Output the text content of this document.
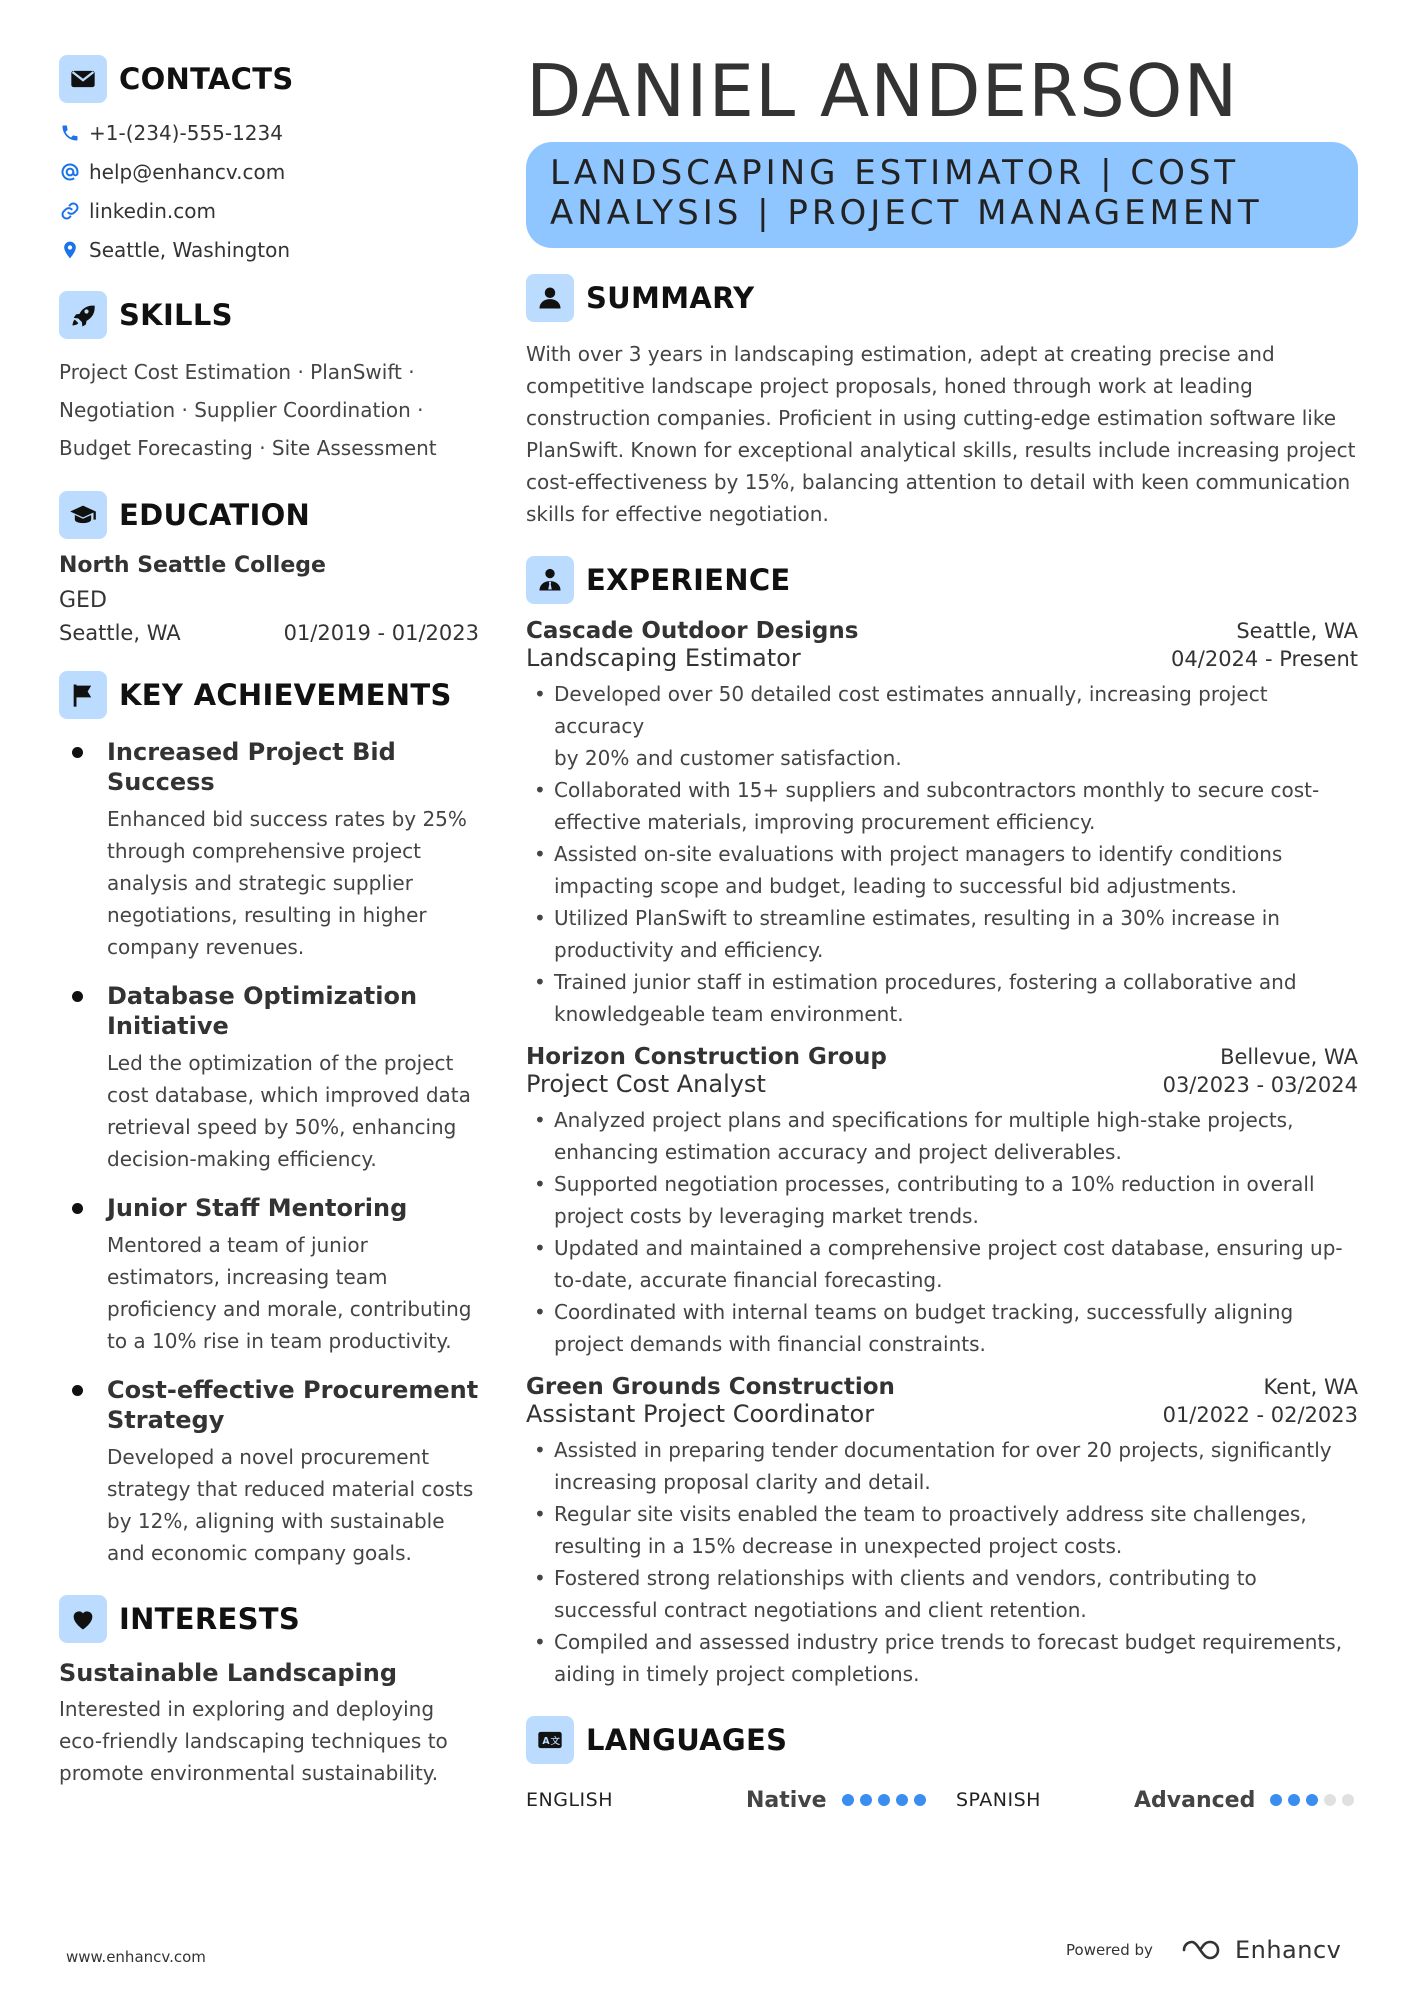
CONTACTS
+1-(234)-555-1234
help@enhancv.com
linkedin.com
Seattle, Washington
SKILLS
Project Cost Estimation · PlanSwift ·
Negotiation · Supplier Coordination ·
Budget Forecasting · Site Assessment
EDUCATION
North Seattle College
GED
Seattle, WA	01/2019 - 01/2023
KEY ACHIEVEMENTS
Increased Project Bid
Success
Enhanced bid success rates by 25%
through comprehensive project
analysis and strategic supplier
negotiations, resulting in higher
company revenues.
Database Optimization
Initiative
Led the optimization of the project
cost database, which improved data
retrieval speed by 50%, enhancing
decision-making efficiency.
Junior Staff Mentoring
Mentored a team of junior
estimators, increasing team
proficiency and morale, contributing
to a 10% rise in team productivity.
Cost-effective Procurement
Strategy
Developed a novel procurement
strategy that reduced material costs
by 12%, aligning with sustainable
and economic company goals.
INTERESTS
Sustainable Landscaping
Interested in exploring and deploying
eco-friendly landscaping techniques to
promote environmental sustainability.
DANIEL ANDERSON
LANDSCAPING ESTIMATOR | COST
ANALYSIS | PROJECT MANAGEMENT
SUMMARY
With over 3 years in landscaping estimation, adept at creating precise and
competitive landscape project proposals, honed through work at leading
construction companies. Proficient in using cutting-edge estimation software like
PlanSwift. Known for exceptional analytical skills, results include increasing project
cost-effectiveness by 15%, balancing attention to detail with keen communication
skills for effective negotiation.
EXPERIENCE
Cascade Outdoor Designs	Seattle, WA
Landscaping Estimator	04/2024 - Present
• Developed over 50 detailed cost estimates annually, increasing project accuracy
by 20% and customer satisfaction.
• Collaborated with 15+ suppliers and subcontractors monthly to secure cost-
effective materials, improving procurement efficiency.
• Assisted on-site evaluations with project managers to identify conditions
impacting scope and budget, leading to successful bid adjustments.
• Utilized PlanSwift to streamline estimates, resulting in a 30% increase in
productivity and efficiency.
• Trained junior staff in estimation procedures, fostering a collaborative and
knowledgeable team environment.
Horizon Construction Group	Bellevue, WA
Project Cost Analyst	03/2023 - 03/2024
• Analyzed project plans and specifications for multiple high-stake projects,
enhancing estimation accuracy and project deliverables.
• Supported negotiation processes, contributing to a 10% reduction in overall
project costs by leveraging market trends.
• Updated and maintained a comprehensive project cost database, ensuring up-
to-date, accurate financial forecasting.
• Coordinated with internal teams on budget tracking, successfully aligning
project demands with financial constraints.
Green Grounds Construction	Kent, WA
Assistant Project Coordinator	01/2022 - 02/2023
• Assisted in preparing tender documentation for over 20 projects, significantly
increasing proposal clarity and detail.
• Regular site visits enabled the team to proactively address site challenges,
resulting in a 15% decrease in unexpected project costs.
• Fostered strong relationships with clients and vendors, contributing to
successful contract negotiations and client retention.
• Compiled and assessed industry price trends to forecast budget requirements,
aiding in timely project completions.
A 文 LANGUAGES
ENGLISH	Native	SPANISH	Advanced
www.enhancv.com	Powered by	Enhancv
